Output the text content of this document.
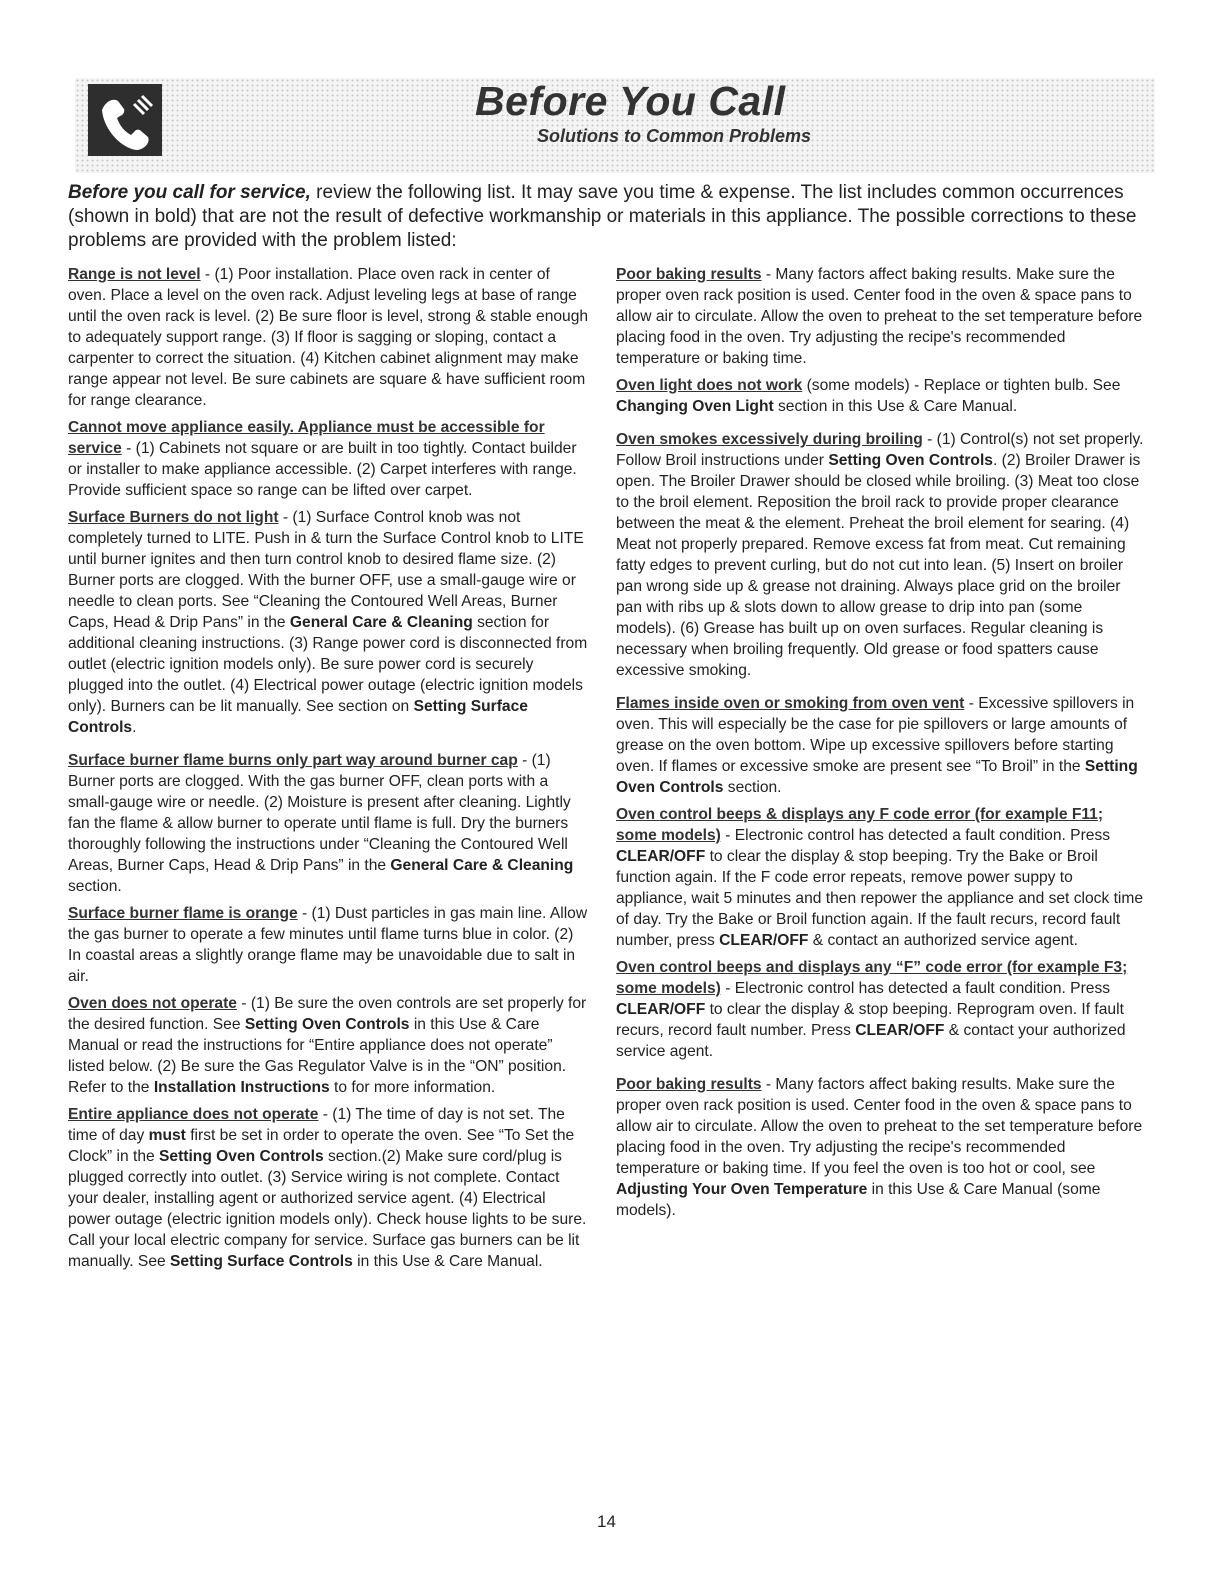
Before You Call
Solutions to Common Problems
Before you call for service, review the following list. It may save you time & expense. The list includes common occurrences (shown in bold) that are not the result of defective workmanship or materials in this appliance. The possible corrections to these problems are provided with the problem listed:

Range is not level - (1) Poor installation. Place oven rack in center of oven. Place a level on the oven rack. Adjust leveling legs at base of range until the oven rack is level. (2) Be sure floor is level, strong & stable enough to adequately support range. (3) If floor is sagging or sloping, contact a carpenter to correct the situation. (4) Kitchen cabinet alignment may make range appear not level. Be sure cabinets are square & have sufficient room for range clearance.

Cannot move appliance easily. Appliance must be accessible for service - (1) Cabinets not square or are built in too tightly. Contact builder or installer to make appliance accessible. (2) Carpet interferes with range. Provide sufficient space so range can be lifted over carpet.

Surface Burners do not light - (1) Surface Control knob was not completely turned to LITE. Push in & turn the Surface Control knob to LITE until burner ignites and then turn control knob to desired flame size. (2) Burner ports are clogged. With the burner OFF, use a small-gauge wire or needle to clean ports. See “Cleaning the Contoured Well Areas, Burner Caps, Head & Drip Pans” in the General Care & Cleaning section for additional cleaning instructions. (3) Range power cord is disconnected from outlet (electric ignition models only). Be sure power cord is securely plugged into the outlet. (4) Electrical power outage (electric ignition models only). Burners can be lit manually. See section on Setting Surface Controls.

Surface burner flame burns only part way around burner cap - (1) Burner ports are clogged. With the gas burner OFF, clean ports with a small-gauge wire or needle. (2) Moisture is present after cleaning. Lightly fan the flame & allow burner to operate until flame is full. Dry the burners thoroughly following the instructions under “Cleaning the Contoured Well Areas, Burner Caps, Head & Drip Pans” in the General Care & Cleaning section.

Surface burner flame is orange - (1) Dust particles in gas main line. Allow the gas burner to operate a few minutes until flame turns blue in color. (2) In coastal areas a slightly orange flame may be unavoidable due to salt in air.

Oven does not operate - (1) Be sure the oven controls are set properly for the desired function. See Setting Oven Controls in this Use & Care Manual or read the instructions for “Entire appliance does not operate” listed below. (2) Be sure the Gas Regulator Valve is in the “ON” position. Refer to the Installation Instructions to for more information.

Entire appliance does not operate - (1) The time of day is not set. The time of day must first be set in order to operate the oven. See “To Set the Clock” in the Setting Oven Controls section.(2) Make sure cord/plug is plugged correctly into outlet. (3) Service wiring is not complete. Contact your dealer, installing agent or authorized service agent. (4) Electrical power outage (electric ignition models only). Check house lights to be sure. Call your local electric company for service. Surface gas burners can be lit manually. See Setting Surface Controls in this Use & Care Manual.

Poor baking results - Many factors affect baking results. Make sure the proper oven rack position is used. Center food in the oven & space pans to allow air to circulate. Allow the oven to preheat to the set temperature before placing food in the oven. Try adjusting the recipe's recommended temperature or baking time.

Oven light does not work (some models) - Replace or tighten bulb. See Changing Oven Light section in this Use & Care Manual.

Oven smokes excessively during broiling - (1) Control(s) not set properly. Follow Broil instructions under Setting Oven Controls. (2) Broiler Drawer is open. The Broiler Drawer should be closed while broiling. (3) Meat too close to the broil element. Reposition the broil rack to provide proper clearance between the meat & the element. Preheat the broil element for searing. (4) Meat not properly prepared. Remove excess fat from meat. Cut remaining fatty edges to prevent curling, but do not cut into lean. (5) Insert on broiler pan wrong side up & grease not draining. Always place grid on the broiler pan with ribs up & slots down to allow grease to drip into pan (some models). (6) Grease has built up on oven surfaces. Regular cleaning is necessary when broiling frequently. Old grease or food spatters cause excessive smoking.

Flames inside oven or smoking from oven vent - Excessive spillovers in oven. This will especially be the case for pie spillovers or large amounts of grease on the oven bottom. Wipe up excessive spillovers before starting oven. If flames or excessive smoke are present see “To Broil” in the Setting Oven Controls section.

Oven control beeps & displays any F code error (for example F11; some models) - Electronic control has detected a fault condition. Press CLEAR/OFF to clear the display & stop beeping. Try the Bake or Broil function again. If the F code error repeats, remove power suppy to appliance, wait 5 minutes and then repower the appliance and set clock time of day. Try the Bake or Broil function again. If the fault recurs, record fault number, press CLEAR/OFF & contact an authorized service agent.

Oven control beeps and displays any “F” code error (for example F3; some models) - Electronic control has detected a fault condition. Press CLEAR/OFF to clear the display & stop beeping. Reprogram oven. If fault recurs, record fault number. Press CLEAR/OFF & contact your authorized service agent.

Poor baking results - Many factors affect baking results. Make sure the proper oven rack position is used. Center food in the oven & space pans to allow air to circulate. Allow the oven to preheat to the set temperature before placing food in the oven. Try adjusting the recipe's recommended temperature or baking time. If you feel the oven is too hot or cool, see Adjusting Your Oven Temperature in this Use & Care Manual (some models).

14
